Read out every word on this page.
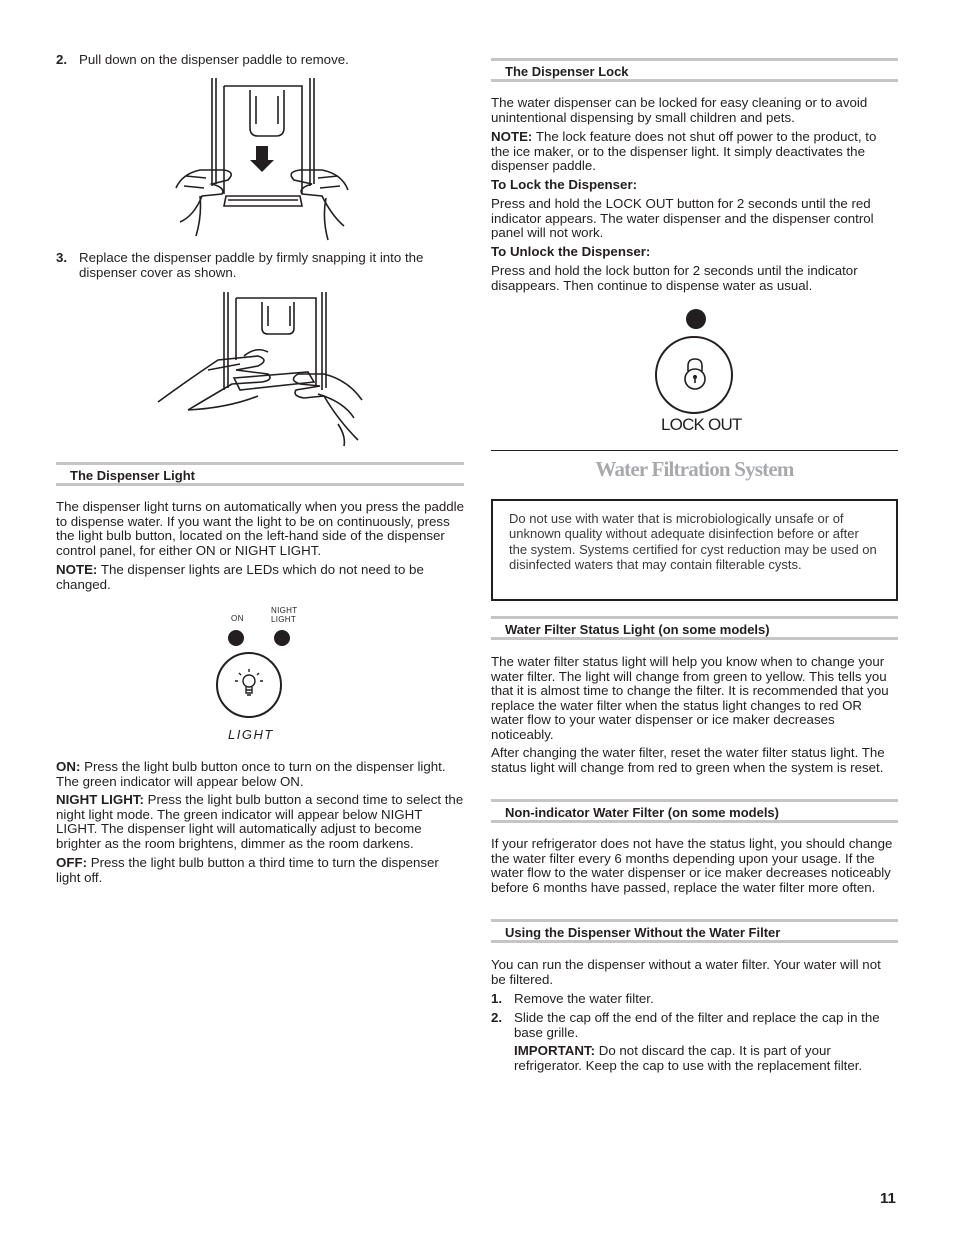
2. Pull down on the dispenser paddle to remove.
3. Replace the dispenser paddle by firmly snapping it into the dispenser cover as shown.
The Dispenser Light

The dispenser light turns on automatically when you press the paddle to dispense water. If you want the light to be on continuously, press the light bulb button, located on the left-hand side of the dispenser control panel, for either ON or NIGHT LIGHT.

NOTE: The dispenser lights are LEDs which do not need to be changed.

ON
NIGHT
LIGHT
LIGHT

ON: Press the light bulb button once to turn on the dispenser light. The green indicator will appear below ON.

NIGHT LIGHT: Press the light bulb button a second time to select the night light mode. The green indicator will appear below NIGHT LIGHT. The dispenser light will automatically adjust to become brighter as the room brightens, dimmer as the room darkens.

OFF: Press the light bulb button a third time to turn the dispenser light off.

The Dispenser Lock

The water dispenser can be locked for easy cleaning or to avoid unintentional dispensing by small children and pets.

NOTE: The lock feature does not shut off power to the product, to the ice maker, or to the dispenser light. It simply deactivates the dispenser paddle.

To Lock the Dispenser:

Press and hold the LOCK OUT button for 2 seconds until the red indicator appears. The water dispenser and the dispenser control panel will not work.

To Unlock the Dispenser:

Press and hold the lock button for 2 seconds until the indicator disappears. Then continue to dispense water as usual.

LOCK OUT
Water Filtration System
Do not use with water that is microbiologically unsafe or of unknown quality without adequate disinfection before or after the system. Systems certified for cyst reduction may be used on disinfected waters that may contain filterable cysts.
Water Filter Status Light (on some models)

The water filter status light will help you know when to change your water filter. The light will change from green to yellow. This tells you that it is almost time to change the filter. It is recommended that you replace the water filter when the status light changes to red OR water flow to your water dispenser or ice maker decreases noticeably.

After changing the water filter, reset the water filter status light. The status light will change from red to green when the system is reset.

Non-indicator Water Filter (on some models)

If your refrigerator does not have the status light, you should change the water filter every 6 months depending upon your usage. If the water flow to the water dispenser or ice maker decreases noticeably before 6 months have passed, replace the water filter more often.

Using the Dispenser Without the Water Filter

You can run the dispenser without a water filter. Your water will not be filtered.

1. Remove the water filter.
2. Slide the cap off the end of the filter and replace the cap in the base grille.

IMPORTANT: Do not discard the cap. It is part of your refrigerator. Keep the cap to use with the replacement filter.

11
